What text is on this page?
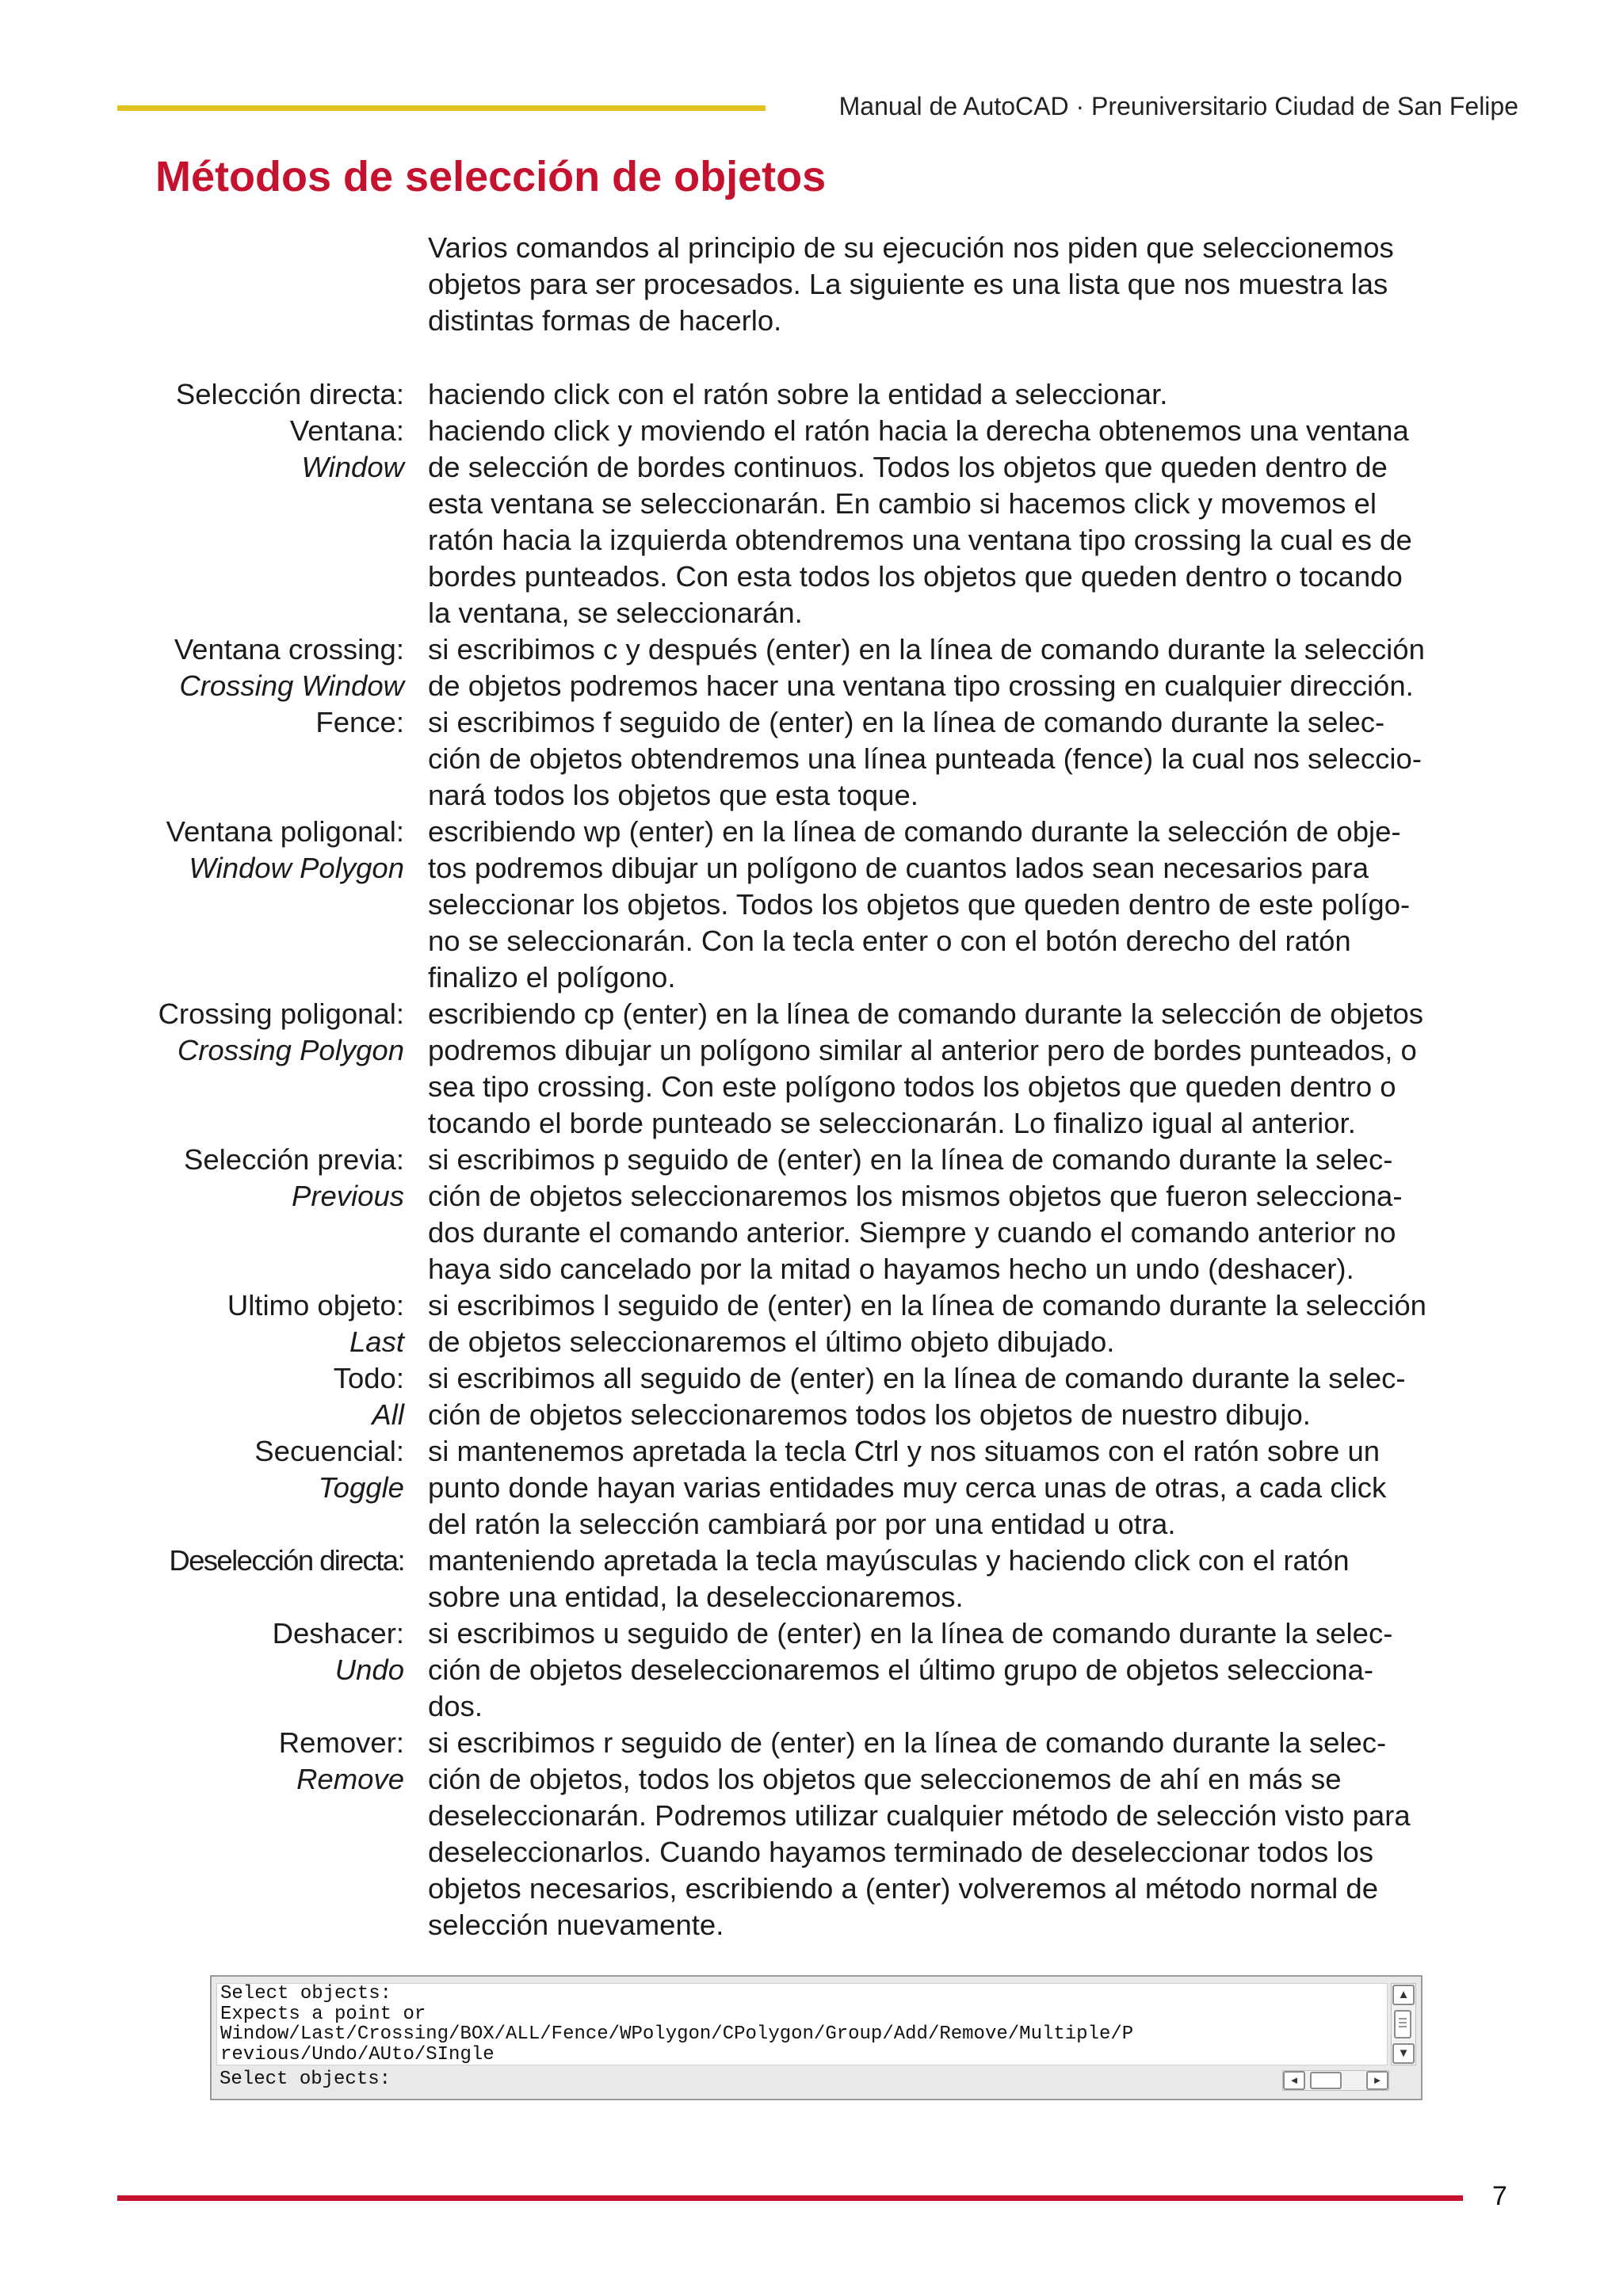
Manual de AutoCAD · Preuniversitario Ciudad de San Felipe
Métodos de selección de objetos

Varios comandos al principio de su ejecución nos piden que seleccionemos objetos para ser procesados. La siguiente es una lista que nos muestra las distintas formas de hacerlo.

Selección directa: haciendo click con el ratón sobre la entidad a seleccionar.
Ventana:
Window
haciendo click y moviendo el ratón hacia la derecha obtenemos una ventana
de selección de bordes continuos. Todos los objetos que queden dentro de
esta ventana se seleccionarán. En cambio si hacemos click y movemos el
ratón hacia la izquierda obtendremos una ventana tipo crossing la cual es de
bordes punteados. Con esta todos los objetos que queden dentro o tocando
la ventana, se seleccionarán.
Ventana crossing:
Crossing Window
si escribimos c y después (enter) en la línea de comando durante la selección
de objetos podremos hacer una ventana tipo crossing en cualquier dirección.
Fence: si escribimos f seguido de (enter) en la línea de comando durante la selec-
ción de objetos obtendremos una línea punteada (fence) la cual nos seleccio-
nará todos los objetos que esta toque.
Ventana poligonal:
Window Polygon
escribiendo wp (enter) en la línea de comando durante la selección de obje-
tos podremos dibujar un polígono de cuantos lados sean necesarios para
seleccionar los objetos. Todos los objetos que queden dentro de este polígo-
no se seleccionarán. Con la tecla enter o con el botón derecho del ratón
finalizo el polígono.
Crossing poligonal:
Crossing Polygon
escribiendo cp (enter) en la línea de comando durante la selección de objetos
podremos dibujar un polígono similar al anterior pero de bordes punteados, o
sea tipo crossing. Con este polígono todos los objetos que queden dentro o
tocando el borde punteado se seleccionarán. Lo finalizo igual al anterior.
Selección previa:
Previous
si escribimos p seguido de (enter) en la línea de comando durante la selec-
ción de objetos seleccionaremos los mismos objetos que fueron selecciona-
dos durante el comando anterior. Siempre y cuando el comando anterior no
haya sido cancelado por la mitad o hayamos hecho un undo (deshacer).
Ultimo objeto:
Last
si escribimos l seguido de (enter) en la línea de comando durante la selección
de objetos seleccionaremos el último objeto dibujado.
Todo:
All
si escribimos all seguido de (enter) en la línea de comando durante la selec-
ción de objetos seleccionaremos todos los objetos de nuestro dibujo.
Secuencial:
Toggle
si mantenemos apretada la tecla Ctrl y nos situamos con el ratón sobre un
punto donde hayan varias entidades muy cerca unas de otras, a cada click
del ratón la selección cambiará por por una entidad u otra.
Deselección directa: manteniendo apretada la tecla mayúsculas y haciendo click con el ratón
sobre una entidad, la deseleccionaremos.
Deshacer:
Undo
si escribimos u seguido de (enter) en la línea de comando durante la selec-
ción de objetos deseleccionaremos el último grupo de objetos selecciona-
dos.
Remover:
Remove
si escribimos r seguido de (enter) en la línea de comando durante la selec-
ción de objetos, todos los objetos que seleccionemos de ahí en más se
deseleccionarán. Podremos utilizar cualquier método de selección visto para
deseleccionarlos. Cuando hayamos terminado de deseleccionar todos los
objetos necesarios, escribiendo a (enter) volveremos al método normal de
selección nuevamente.
Select objects:
Expects a point or
Window/Last/Crossing/BOX/ALL/Fence/WPolygon/CPolygon/Group/Add/Remove/Multiple/P
revious/Undo/AUto/SIngle
▲
▼
Select objects:	◄	►
7
